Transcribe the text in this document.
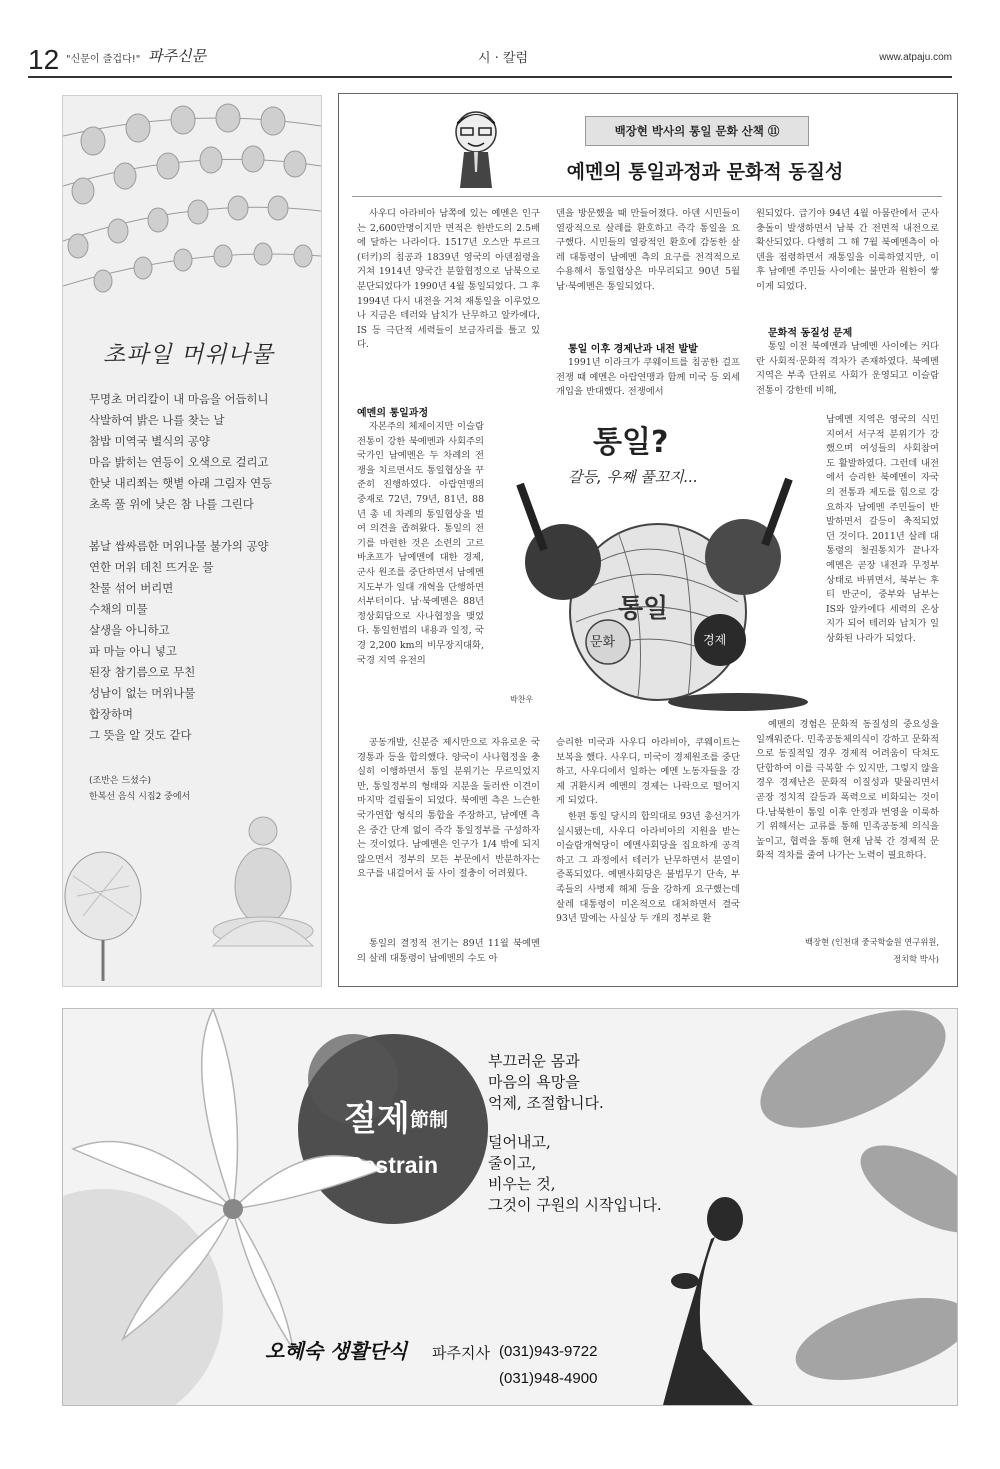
12 "신문이 즐겁다!" 파주신문	시 · 칼럼	www.atpaju.com
초파일 머위나물
무명초 머리칼이 내 마음을 어듭히니
삭발하여 밝은 나를 찾는 날
참밥 미역국 별식의 공양
마음 밝히는 연등이 오색으로 걸리고
한낮 내리쬐는 햇볕 아래 그림자 연등
초록 풀 위에 낮은 참 나를 그린다
봄날 쌉싸름한 머위나물 불가의 공양
연한 머위 데친 뜨거운 물
찬물 섞어 버리면
수채의 미물
살생을 아니하고
파 마늘 아니 넣고
된장 참기름으로 무친
성남이 없는 머위나물
합장하며
그 뜻을 알 것도 같다
(조반은 드셨수)
한복선 음식 시집2 중에서
백장현 박사의 통일 문화 산책 ⑪
예멘의 통일과정과 문화적 동질성
사우디 아라비아 남쪽에 있는 예멘은 인구는 2,600만명이지만 면적은 한반도의 2.5배에 달하는 나라이다. 1517년 오스만 투르크(터키)의 침공과 1839년 영국의 아덴점령을 거쳐 1914년 양국간 분할협정으로 남북으로 분단되었다가 1990년 4월 통일되었다. 그 후 1994년 다시 내전을 거쳐 재통일을 이루었으나 지금은 테러와 납치가 난무하고 알카에다, IS 등 극단적 세력들이 보금자리를 틀고 있다.
예멘의 통일과정
자본주의 체제이지만 이슬람 전통이 강한 북예멘과 사회주의 국가인 남예멘은 두 차례의 전쟁을 치르면서도 통일협상을 꾸준히 진행하였다. 아랍연맹의 중재로 72년, 79년, 81년, 88년 총 네 차례의 통일협상을 벌여 의견을 좁혀왔다. 통일의 전기를 마련한 것은 소련의 고르바초프가 남예멘에 대한 경제, 군사 원조를 중단하면서 남예멘 지도부가 일대 개혁을 단행하면서부터이다. 남·북예멘은 88년 정상회담으로 사나협정을 맺었다. 통일헌법의 내용과 일정, 국경 2,200 km의 비무장지대화, 국경 지역 유전의
공동개발, 신분증 제시만으로 자유로운 국경통과 등을 합의했다. 양국이 사나협정을 충실히 이행하면서 통일 분위기는 무르익었지만, 통일정부의 형태와 지분을 둘러싼 이견이 마지막 걸림돌이 되었다. 북예멘 측은 느슨한 국가연합 형식의 통합을 주장하고, 남예멘 측은 중간 단계 없이 즉각 통일정부를 구성하자는 것이었다. 남예멘은 인구가 1/4 밖에 되지 않으면서 정부의 모든 부문에서 반분하자는 요구를 내걸어서 둘 사이 절충이 어려웠다.
통일의 결정적 전기는 89년 11월 북예멘의 살레 대통령이 남예멘의 수도 아
덴을 방문했을 때 만들어졌다. 아덴 시민들이 열광적으로 살레를 환호하고 즉각 통일을 요구했다. 시민들의 열광적인 환호에 감동한 살레 대통령이 남예멘 측의 요구를 전격적으로 수용해서 통일협상은 마무리되고 90년 5월 남·북예멘은 통일되었다.
통일 이후 경제난과 내전 발발
1991년 이라크가 쿠웨이트를 침공한 걸프전쟁 때 예멘은 아랍연맹과 함께 미국 등 외세 개입을 반대했다. 전쟁에서
승리한 미국과 사우디 아라비아, 쿠웨이트는 보복을 했다. 사우디, 미국이 경제원조를 중단하고, 사우디에서 일하는 예멘 노동자들을 강제 귀환시켜 예멘의 경제는 나락으로 떨어지게 되었다.
한편 통일 당시의 합의대로 93년 총선거가 실시됐는데, 사우디 아라비아의 지원을 받는 이슬람개혁당이 예멘사회당을 집요하게 공격하고 그 과정에서 테러가 난무하면서 분열이 증폭되었다. 예멘사회당은 불법무기 단속, 부족들의 사병제 해체 등을 강하게 요구했는데 살레 대통령이 미온적으로 대처하면서 결국 93년 말에는 사실상 두 개의 정부로 환
원되었다. 급기야 94년 4월 아뭄란에서 군사충돌이 발생하면서 남북 간 전면적 내전으로 확산되었다. 다행히 그 해 7월 북예멘측이 아덴을 점령하면서 재통일을 이룩하였지만, 이후 남예멘 주민들 사이에는 불만과 원한이 쌓이게 되었다.
문화적 동질성 문제
통일 이전 북예멘과 남예멘 사이에는 커다란 사회적·문화적 격차가 존재하였다. 북예멘 지역은 부족 단위로 사회가 운영되고 이슬람 전통이 강한데 비해,
남예멘 지역은 영국의 식민지여서 서구적 분위기가 강했으며 여성들의 사회참여도 활발하였다. 그런데 내전에서 승리한 북예멘이 자국의 전통과 제도를 힘으로 강요하자 남예멘 주민들이 반발하면서 갈등이 축적되었던 것이다. 2011년 살레 대통령의 철권통치가 끝나자 예멘은 곧장 내전과 무정부 상태로 바뀌면서, 북부는 후티 반군이, 중부와 남부는 IS와 알카에다 세력의 온상지가 되어 테러와 납치가 일상화된 나라가 되었다.
예멘의 경험은 문화적 동질성의 중요성을 일깨워준다. 민족공동체의식이 강하고 문화적으로 동질적일 경우 경제적 어려움이 닥쳐도 단합하여 이를 극복할 수 있지만, 그렇지 않을 경우 경제난은 문화적 이질성과 맞물리면서 곧장 정치적 갈등과 폭력으로 비화되는 것이다.남북한이 통일 이후 안정과 번영을 이룩하기 위해서는 교류를 통해 민족공동체 의식을 높이고, 협력을 통해 현재 남북 간 경제적 문화적 격차를 줄여 나가는 노력이 필요하다.
백장현 (인천대 중국학술원 연구위원,
정치학 박사)
통일?
갈등, 우째 풀꼬지...
통일
문화	경제
박찬우
절제 節制
Restrain
부끄러운 몸과
마음의 욕망을
억제, 조절합니다.
덜어내고,
줄이고,
비우는 것,
그것이 구원의 시작입니다.
오혜숙 생활단식 파주지사 (031)943-9722
(031)948-4900
